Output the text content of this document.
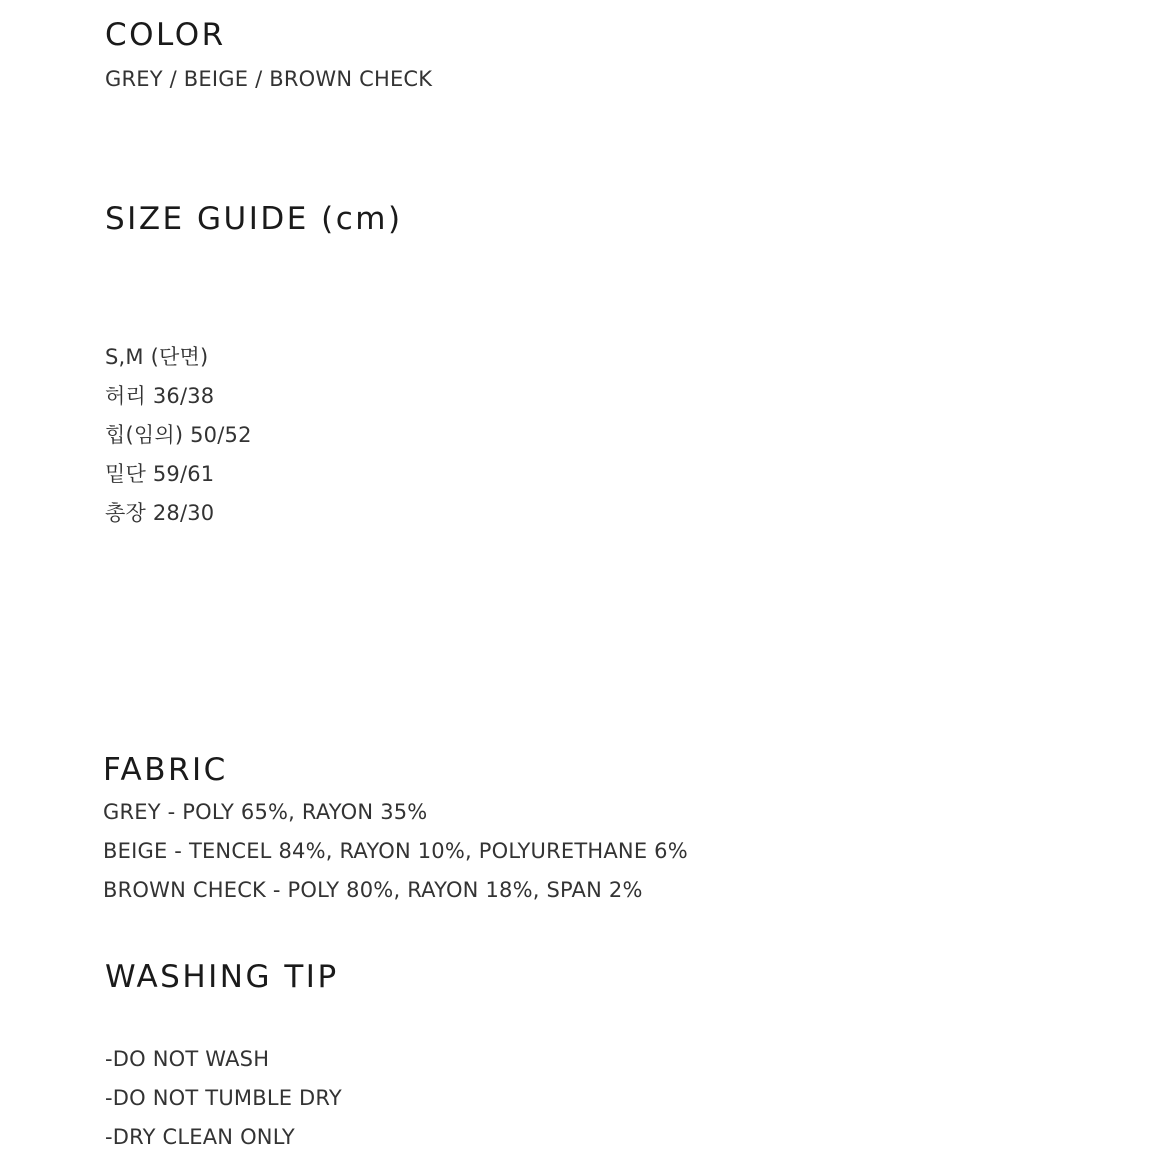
COLOR

GREY / BEIGE / BROWN CHECK

SIZE GUIDE (cm)
S,M (단면)
허리 36/38
힙(임의) 50/52
밑단 59/61
총장 28/30
FABRIC
GREY - POLY 65%, RAYON 35%
BEIGE - TENCEL 84%, RAYON 10%, POLYURETHANE 6%
BROWN CHECK - POLY 80%, RAYON 18%, SPAN 2%
WASHING TIP
-DO NOT WASH
-DO NOT TUMBLE DRY
-DRY CLEAN ONLY
